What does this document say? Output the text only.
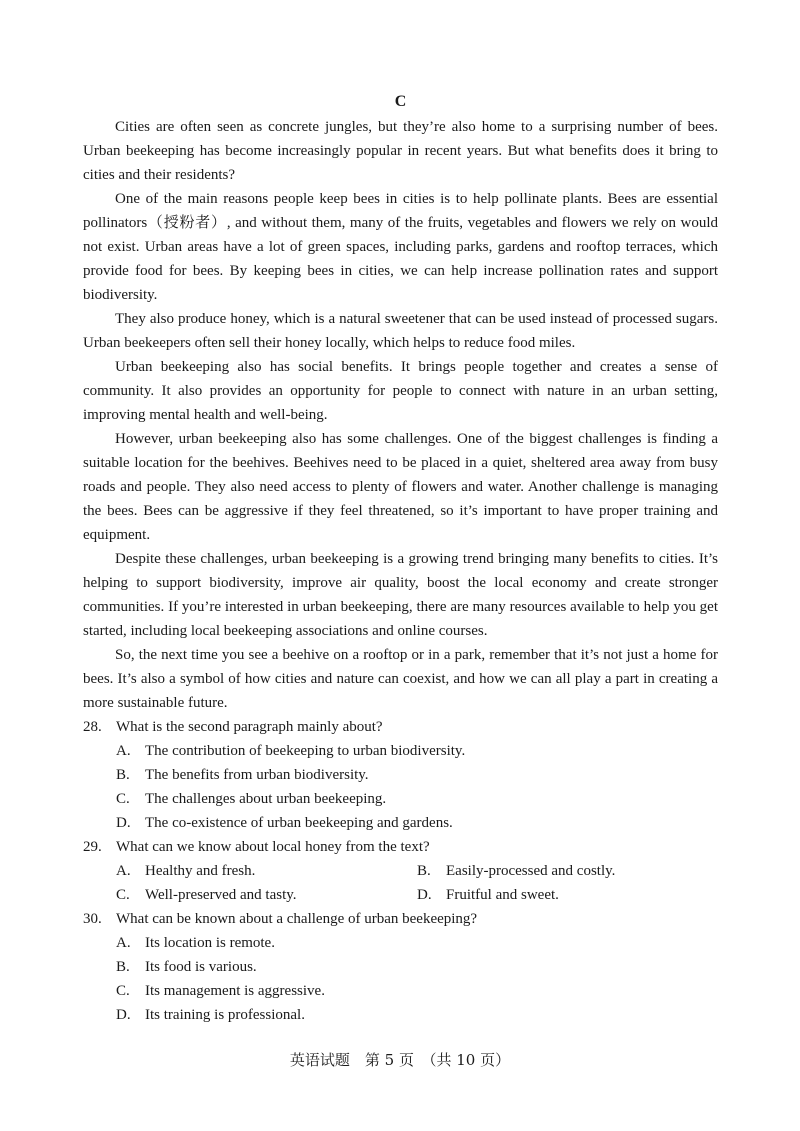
C

Cities are often seen as concrete jungles, but they’re also home to a surprising number of bees. Urban beekeeping has become increasingly popular in recent years. But what benefits does it bring to cities and their residents?

One of the main reasons people keep bees in cities is to help pollinate plants. Bees are essential pollinators（授粉者）, and without them, many of the fruits, vegetables and flowers we rely on would not exist. Urban areas have a lot of green spaces, including parks, gardens and rooftop terraces, which provide food for bees. By keeping bees in cities, we can help increase pollination rates and support biodiversity.

They also produce honey, which is a natural sweetener that can be used instead of processed sugars. Urban beekeepers often sell their honey locally, which helps to reduce food miles.

Urban beekeeping also has social benefits. It brings people together and creates a sense of community. It also provides an opportunity for people to connect with nature in an urban setting, improving mental health and well-being.

However, urban beekeeping also has some challenges. One of the biggest challenges is finding a suitable location for the beehives. Beehives need to be placed in a quiet, sheltered area away from busy roads and people. They also need access to plenty of flowers and water. Another challenge is managing the bees. Bees can be aggressive if they feel threatened, so it’s important to have proper training and equipment.

Despite these challenges, urban beekeeping is a growing trend bringing many benefits to cities. It’s helping to support biodiversity, improve air quality, boost the local economy and create stronger communities. If you’re interested in urban beekeeping, there are many resources available to help you get started, including local beekeeping associations and online courses.

So, the next time you see a beehive on a rooftop or in a park, remember that it’s not just a home for bees. It’s also a symbol of how cities and nature can coexist, and how we can all play a part in creating a more sustainable future.

28. What is the second paragraph mainly about?
A. The contribution of beekeeping to urban biodiversity.
B.	The benefits from urban biodiversity.
C.	The challenges about urban beekeeping.
D. The co-existence of urban beekeeping and gardens.
29. What can we know about local honey from the text?
A. Healthy and fresh.	B.	Easily-processed and costly.
C.	Well-preserved and tasty.	D. Fruitful and sweet.
30. What can be known about a challenge of urban beekeeping?
A. Its location is remote.
B.	Its food is various.
C.	Its management is aggressive.
D. Its training is professional.
英语试题　第 5 页　（共 10 页）
